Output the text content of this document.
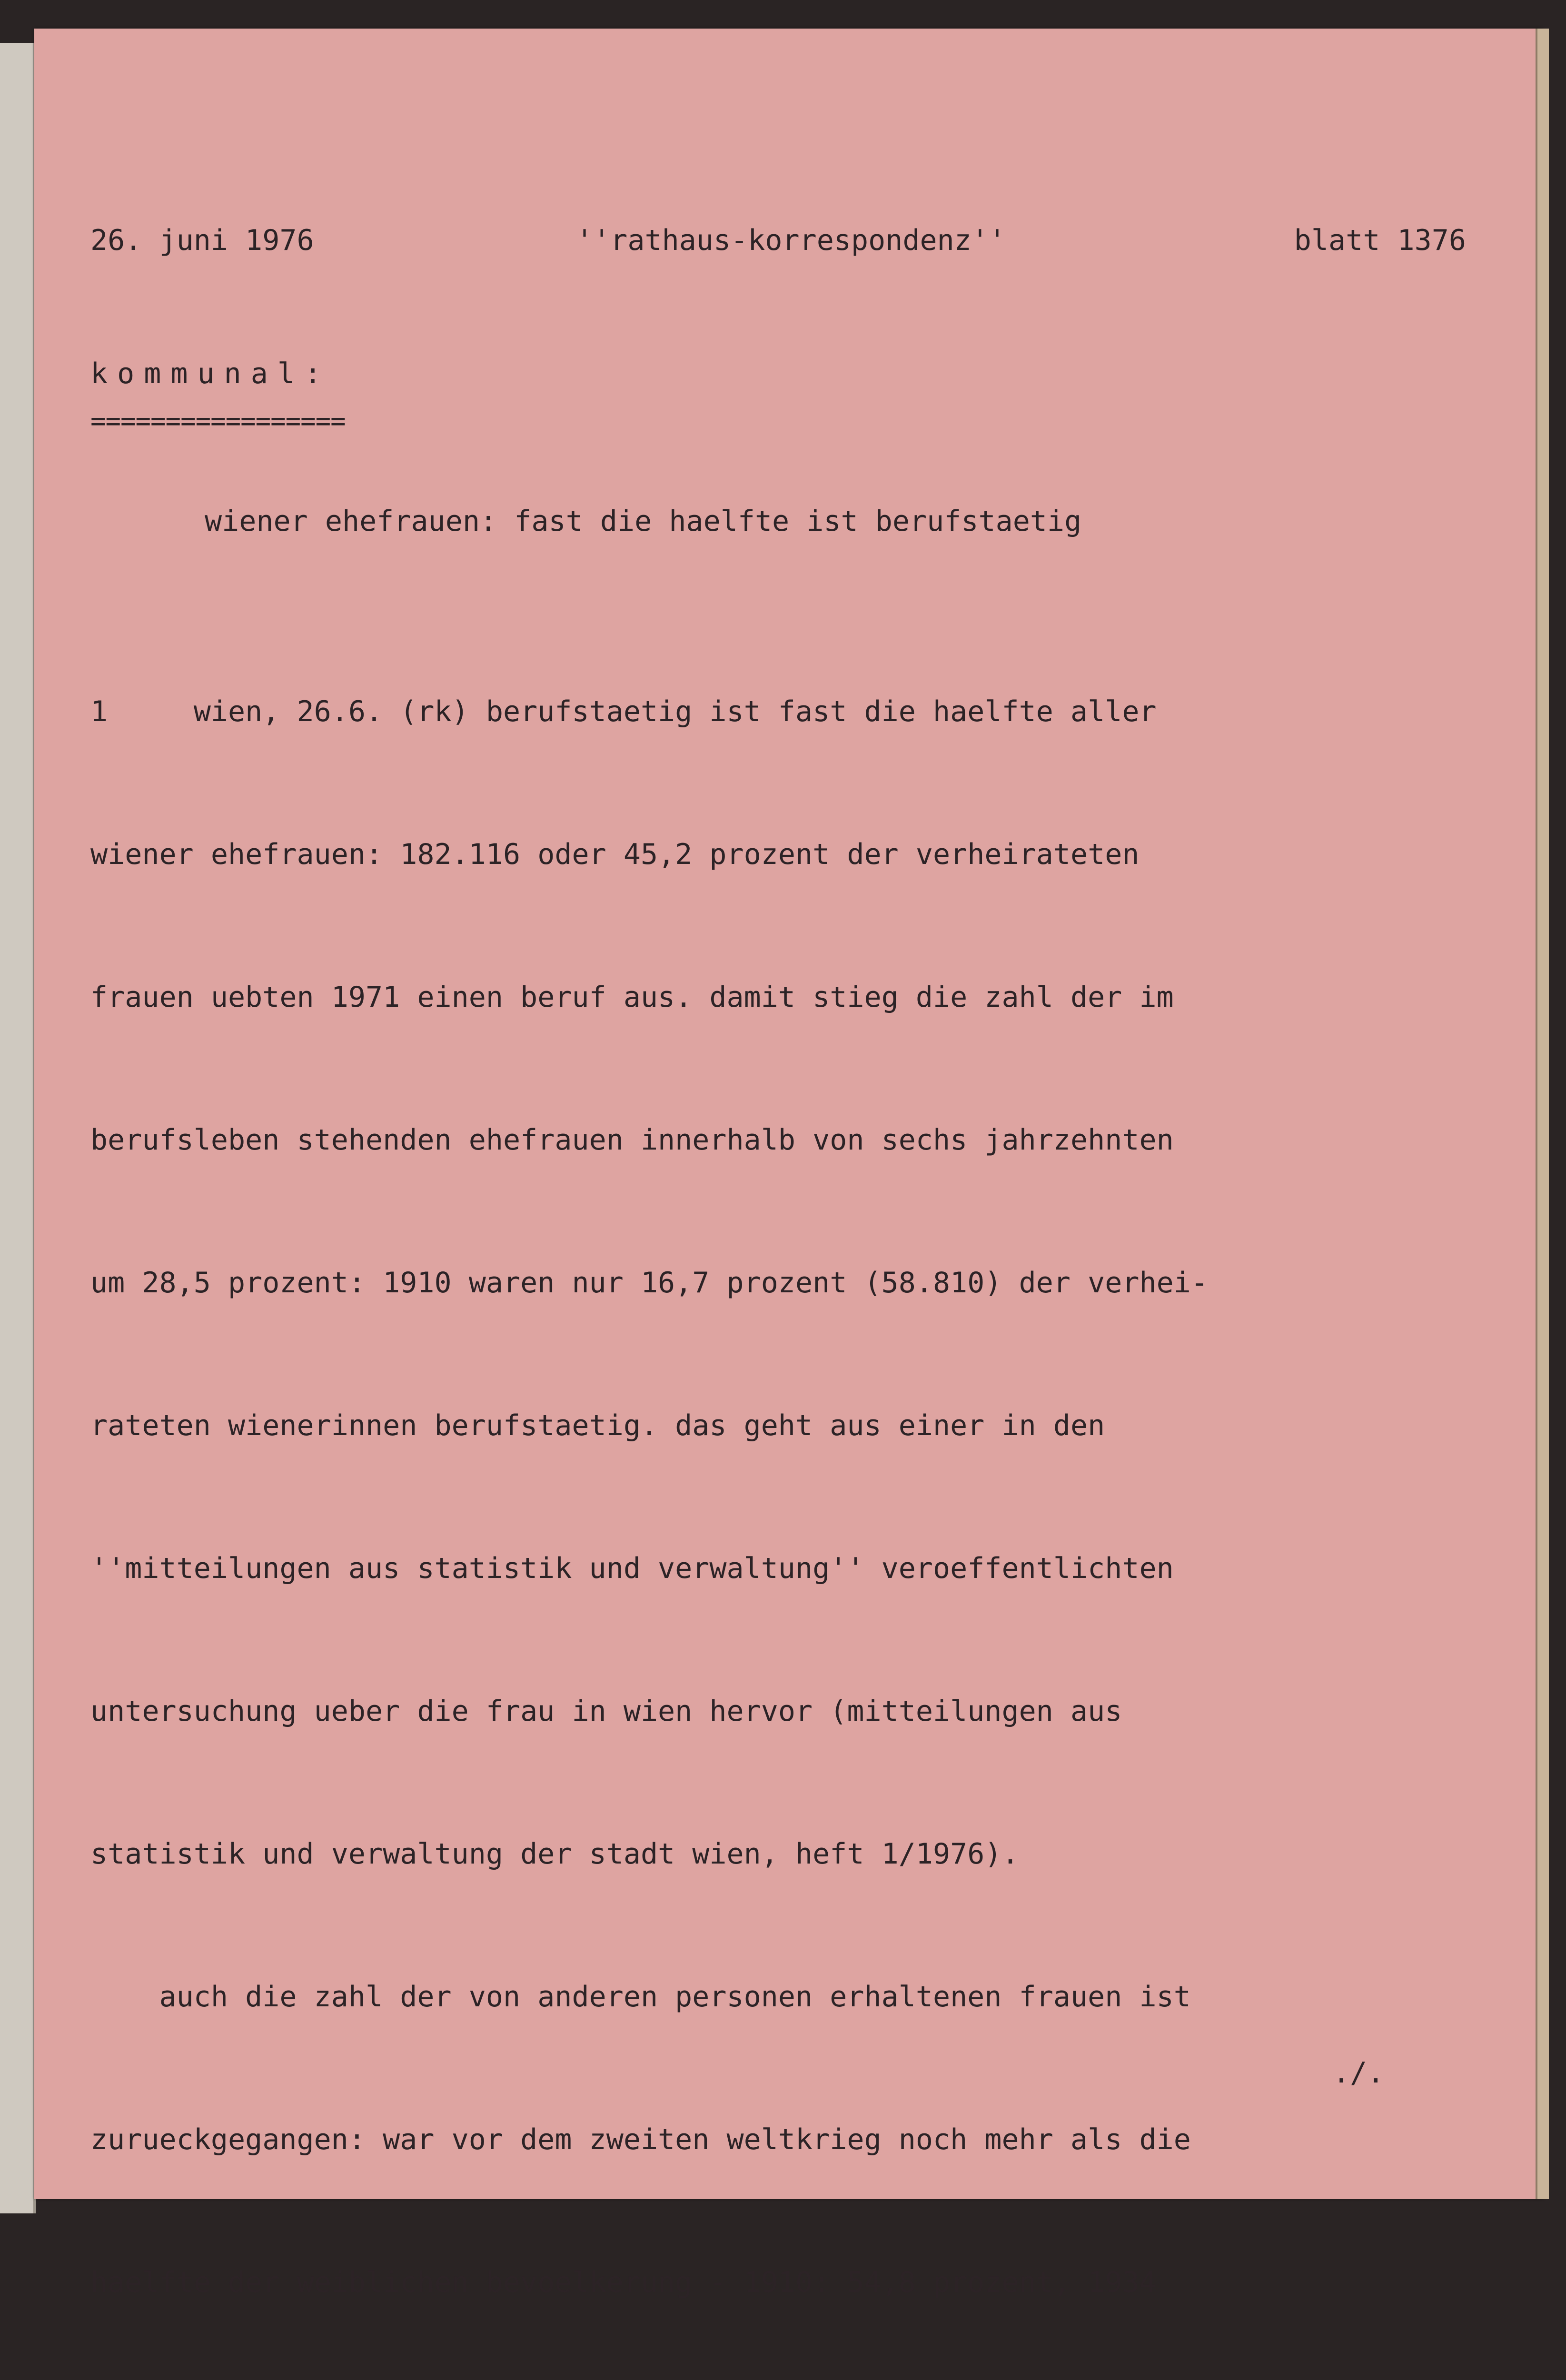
26. juni 1976

	''rathaus-korrespondenz''

	blatt 1376

kommunal:

=================

wiener ehefrauen: fast die haelfte ist berufstaetig

1     wien, 26.6. (rk) berufstaetig ist fast die haelfte aller

wiener ehefrauen: 182.116 oder 45,2 prozent der verheirateten

frauen uebten 1971 einen beruf aus. damit stieg die zahl der im

berufsleben stehenden ehefrauen innerhalb von sechs jahrzehnten

um 28,5 prozent: 1910 waren nur 16,7 prozent (58.810) der verhei-

rateten wienerinnen berufstaetig. das geht aus einer in den

''mitteilungen aus statistik und verwaltung'' veroeffentlichten

untersuchung ueber die frau in wien hervor (mitteilungen aus

statistik und verwaltung der stadt wien, heft 1/1976).

auch die zahl der von anderen personen erhaltenen frauen ist

zurueckgegangen: war vor dem zweiten weltkrieg noch mehr als die

haelfte der weiblichen bevoelkerung - 1910: 54,8 prozent, 1934

./.
